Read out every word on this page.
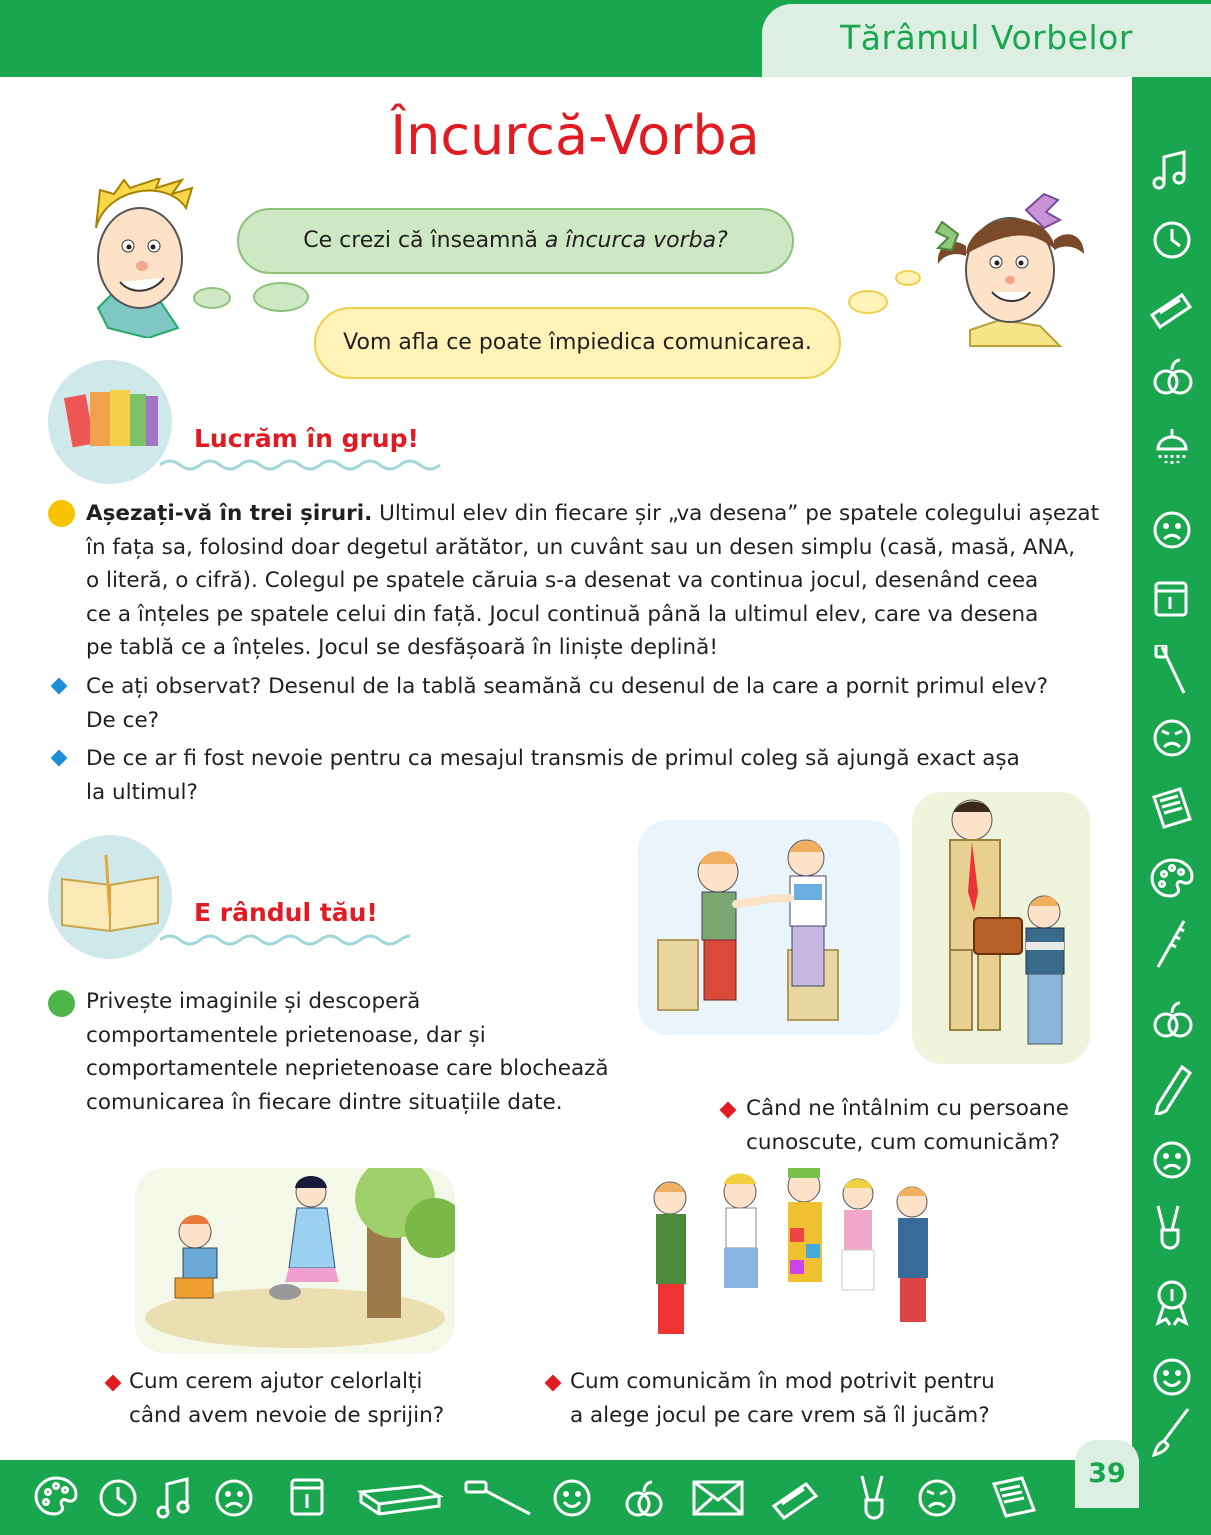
Tărâmul Vorbelor
39
Încurcă-Vorba
Ce crezi că înseamnă a încurca vorba?
Vom afla ce poate împiedica comunicarea.
Lucrăm în grup!
Așezați-vă în trei șiruri. Ultimul elev din fiecare șir „va desena” pe spatele colegului așezat
în fața sa, folosind doar degetul arătător, un cuvânt sau un desen simplu (casă, masă, ANA,
o literă, o cifră). Colegul pe spatele căruia s-a desenat va continua jocul, desenând ceea
ce a înțeles pe spatele celui din față. Jocul continuă până la ultimul elev, care va desena
pe tablă ce a înțeles. Jocul se desfășoară în liniște deplină!
Ce ați observat? Desenul de la tablă seamănă cu desenul de la care a pornit primul elev?
De ce?
De ce ar fi fost nevoie pentru ca mesajul transmis de primul coleg să ajungă exact așa
la ultimul?
E rândul tău!
Privește imaginile și descoperă
comportamentele prietenoase, dar și
comportamentele neprietenoase care blochează
comunicarea în fiecare dintre situațiile date.	Când ne întâlnim cu persoane
cunoscute, cum comunicăm?
Cum cerem ajutor celorlalți
când avem nevoie de sprijin?
Cum comunicăm în mod potrivit pentru
a alege jocul pe care vrem să îl jucăm?
